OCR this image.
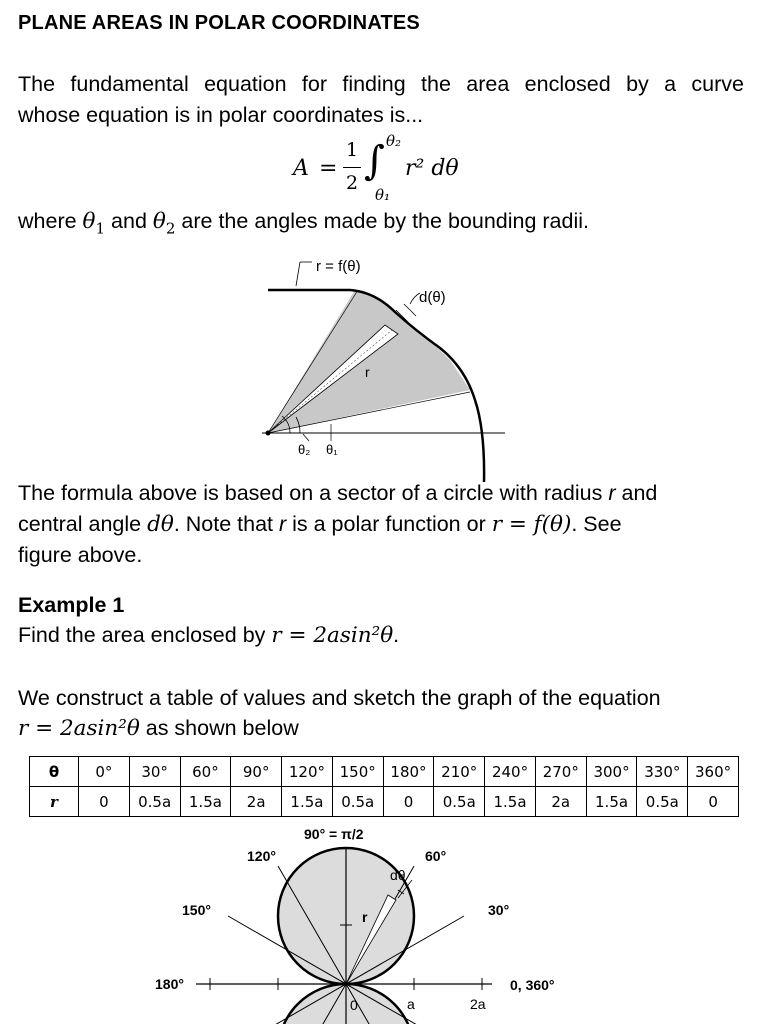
PLANE AREAS IN POLAR COORDINATES
The fundamental equation for finding the area enclosed by a curve
whose equation is in polar coordinates is...
A =
1
2 ∫ θ₂
θ₁
r² dθ
where $\theta_1$ and $\theta_2$ are the angles made by the bounding radii.
r = f(θ)
d(θ)
r
θ₂ θ₁
The formula above is based on a sector of a circle with radius r and
central angle dθ. Note that r is a polar function or r = f(θ). See
figure above.
Example 1
Find the area enclosed by r = 2asin²θ.
We construct a table of values and sketch the graph of the equation
r = 2asin²θ as shown below
θ	0°	30°	60°	90°	120°	150°	180°	210°	240°	270°	300°	330°	360°
r	0	0.5a	1.5a	2a	1.5a	0.5a	0	0.5a	1.5a	2a	1.5a	0.5a	0
90° = π/2
120°	60°
150°	30°
180°	0, 360°
dθ
r
0	a	2a
